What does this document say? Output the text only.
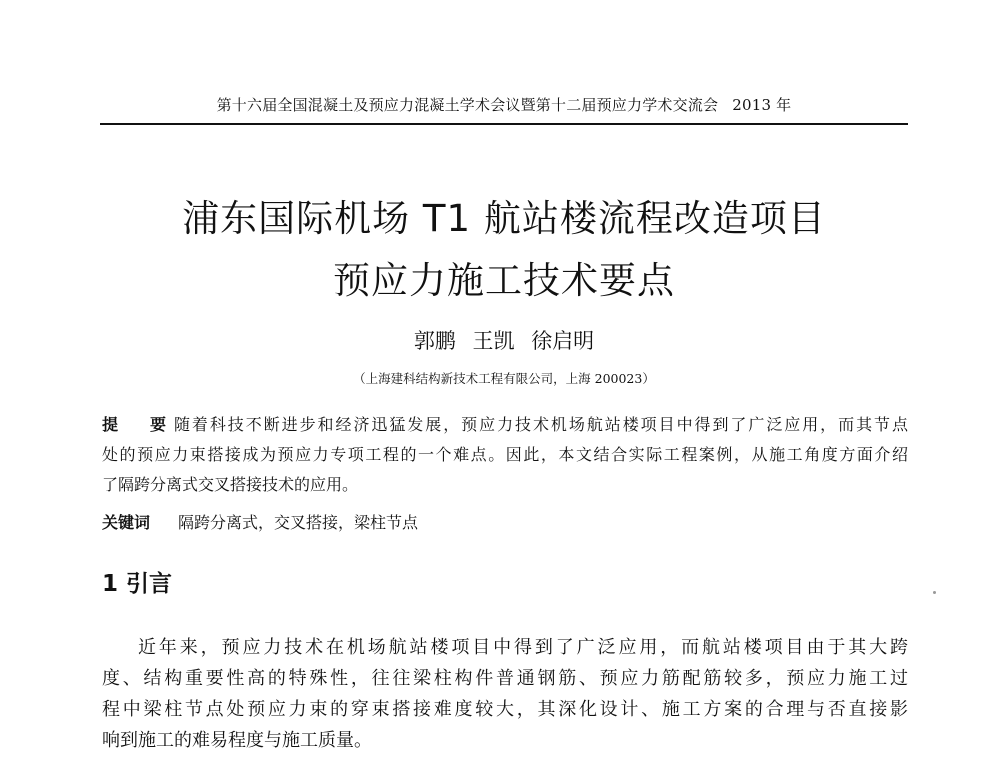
第十六届全国混凝土及预应力混凝土学术会议暨第十二届预应力学术交流会 2013 年
浦东国际机场 T1 航站楼流程改造项目
预应力施工技术要点
郭鹏 王凯 徐启明
（上海建科结构新技术工程有限公司，上海 200023）
提 要随着科技不断进步和经济迅猛发展，预应力技术机场航站楼项目中得到了广泛应用，而其节点
处的预应力束搭接成为预应力专项工程的一个难点。因此，本文结合实际工程案例，从施工角度方面介绍
了隔跨分离式交叉搭接技术的应用。
关键词 隔跨分离式，交叉搭接，梁柱节点
1 引言
近年来，预应力技术在机场航站楼项目中得到了广泛应用，而航站楼项目由于其大跨
度、结构重要性高的特殊性，往往梁柱构件普通钢筋、预应力筋配筋较多，预应力施工过
程中梁柱节点处预应力束的穿束搭接难度较大，其深化设计、施工方案的合理与否直接影
响到施工的难易程度与施工质量。
